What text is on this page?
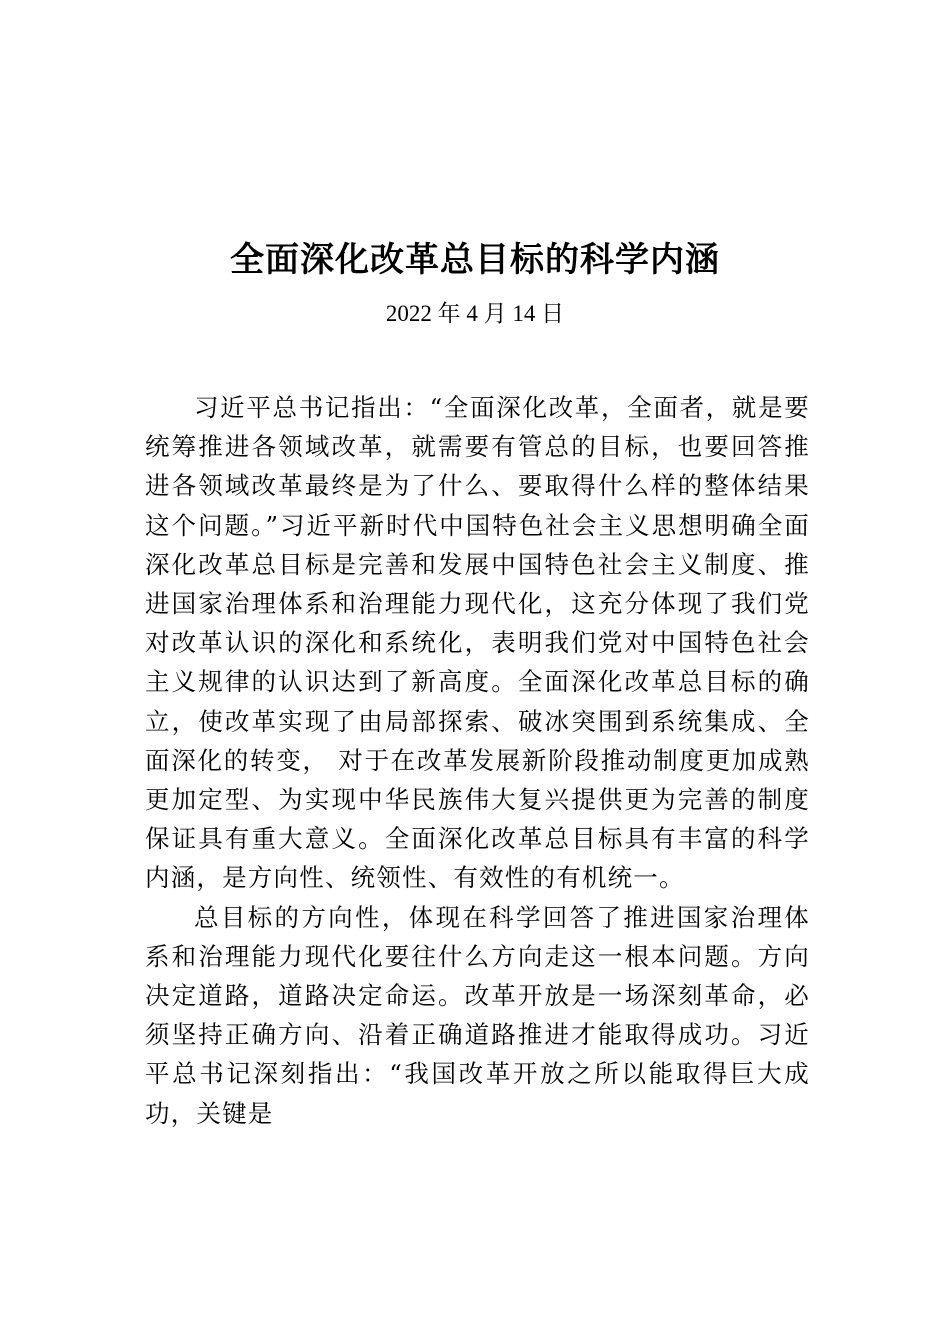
全面深化改革总目标的科学内涵
2022 年 4 月 14 日

习近平总书记指出：“全面深化改革，全面者，就是要统筹推进各领域改革，就需要有管总的目标，也要回答推进各领域改革最终是为了什么、要取得什么样的整体结果这个问题。”习近平新时代中国特色社会主义思想明确全面深化改革总目标是完善和发展中国特色社会主义制度、推进国家治理体系和治理能力现代化，这充分体现了我们党对改革认识的深化和系统化，表明我们党对中国特色社会主义规律的认识达到了新高度。全面深化改革总目标的确立，使改革实现了由局部探索、破冰突围到系统集成、全面深化的转变， 对于在改革发展新阶段推动制度更加成熟更加定型、为实现中华民族伟大复兴提供更为完善的制度保证具有重大意义。全面深化改革总目标具有丰富的科学内涵，是方向性、统领性、有效性的有机统一。

总目标的方向性，体现在科学回答了推进国家治理体系和治理能力现代化要往什么方向走这一根本问题。方向决定道路，道路决定命运。改革开放是一场深刻革命，必须坚持正确方向、沿着正确道路推进才能取得成功。习近平总书记深刻指出：“我国改革开放之所以能取得巨大成功，关键是
